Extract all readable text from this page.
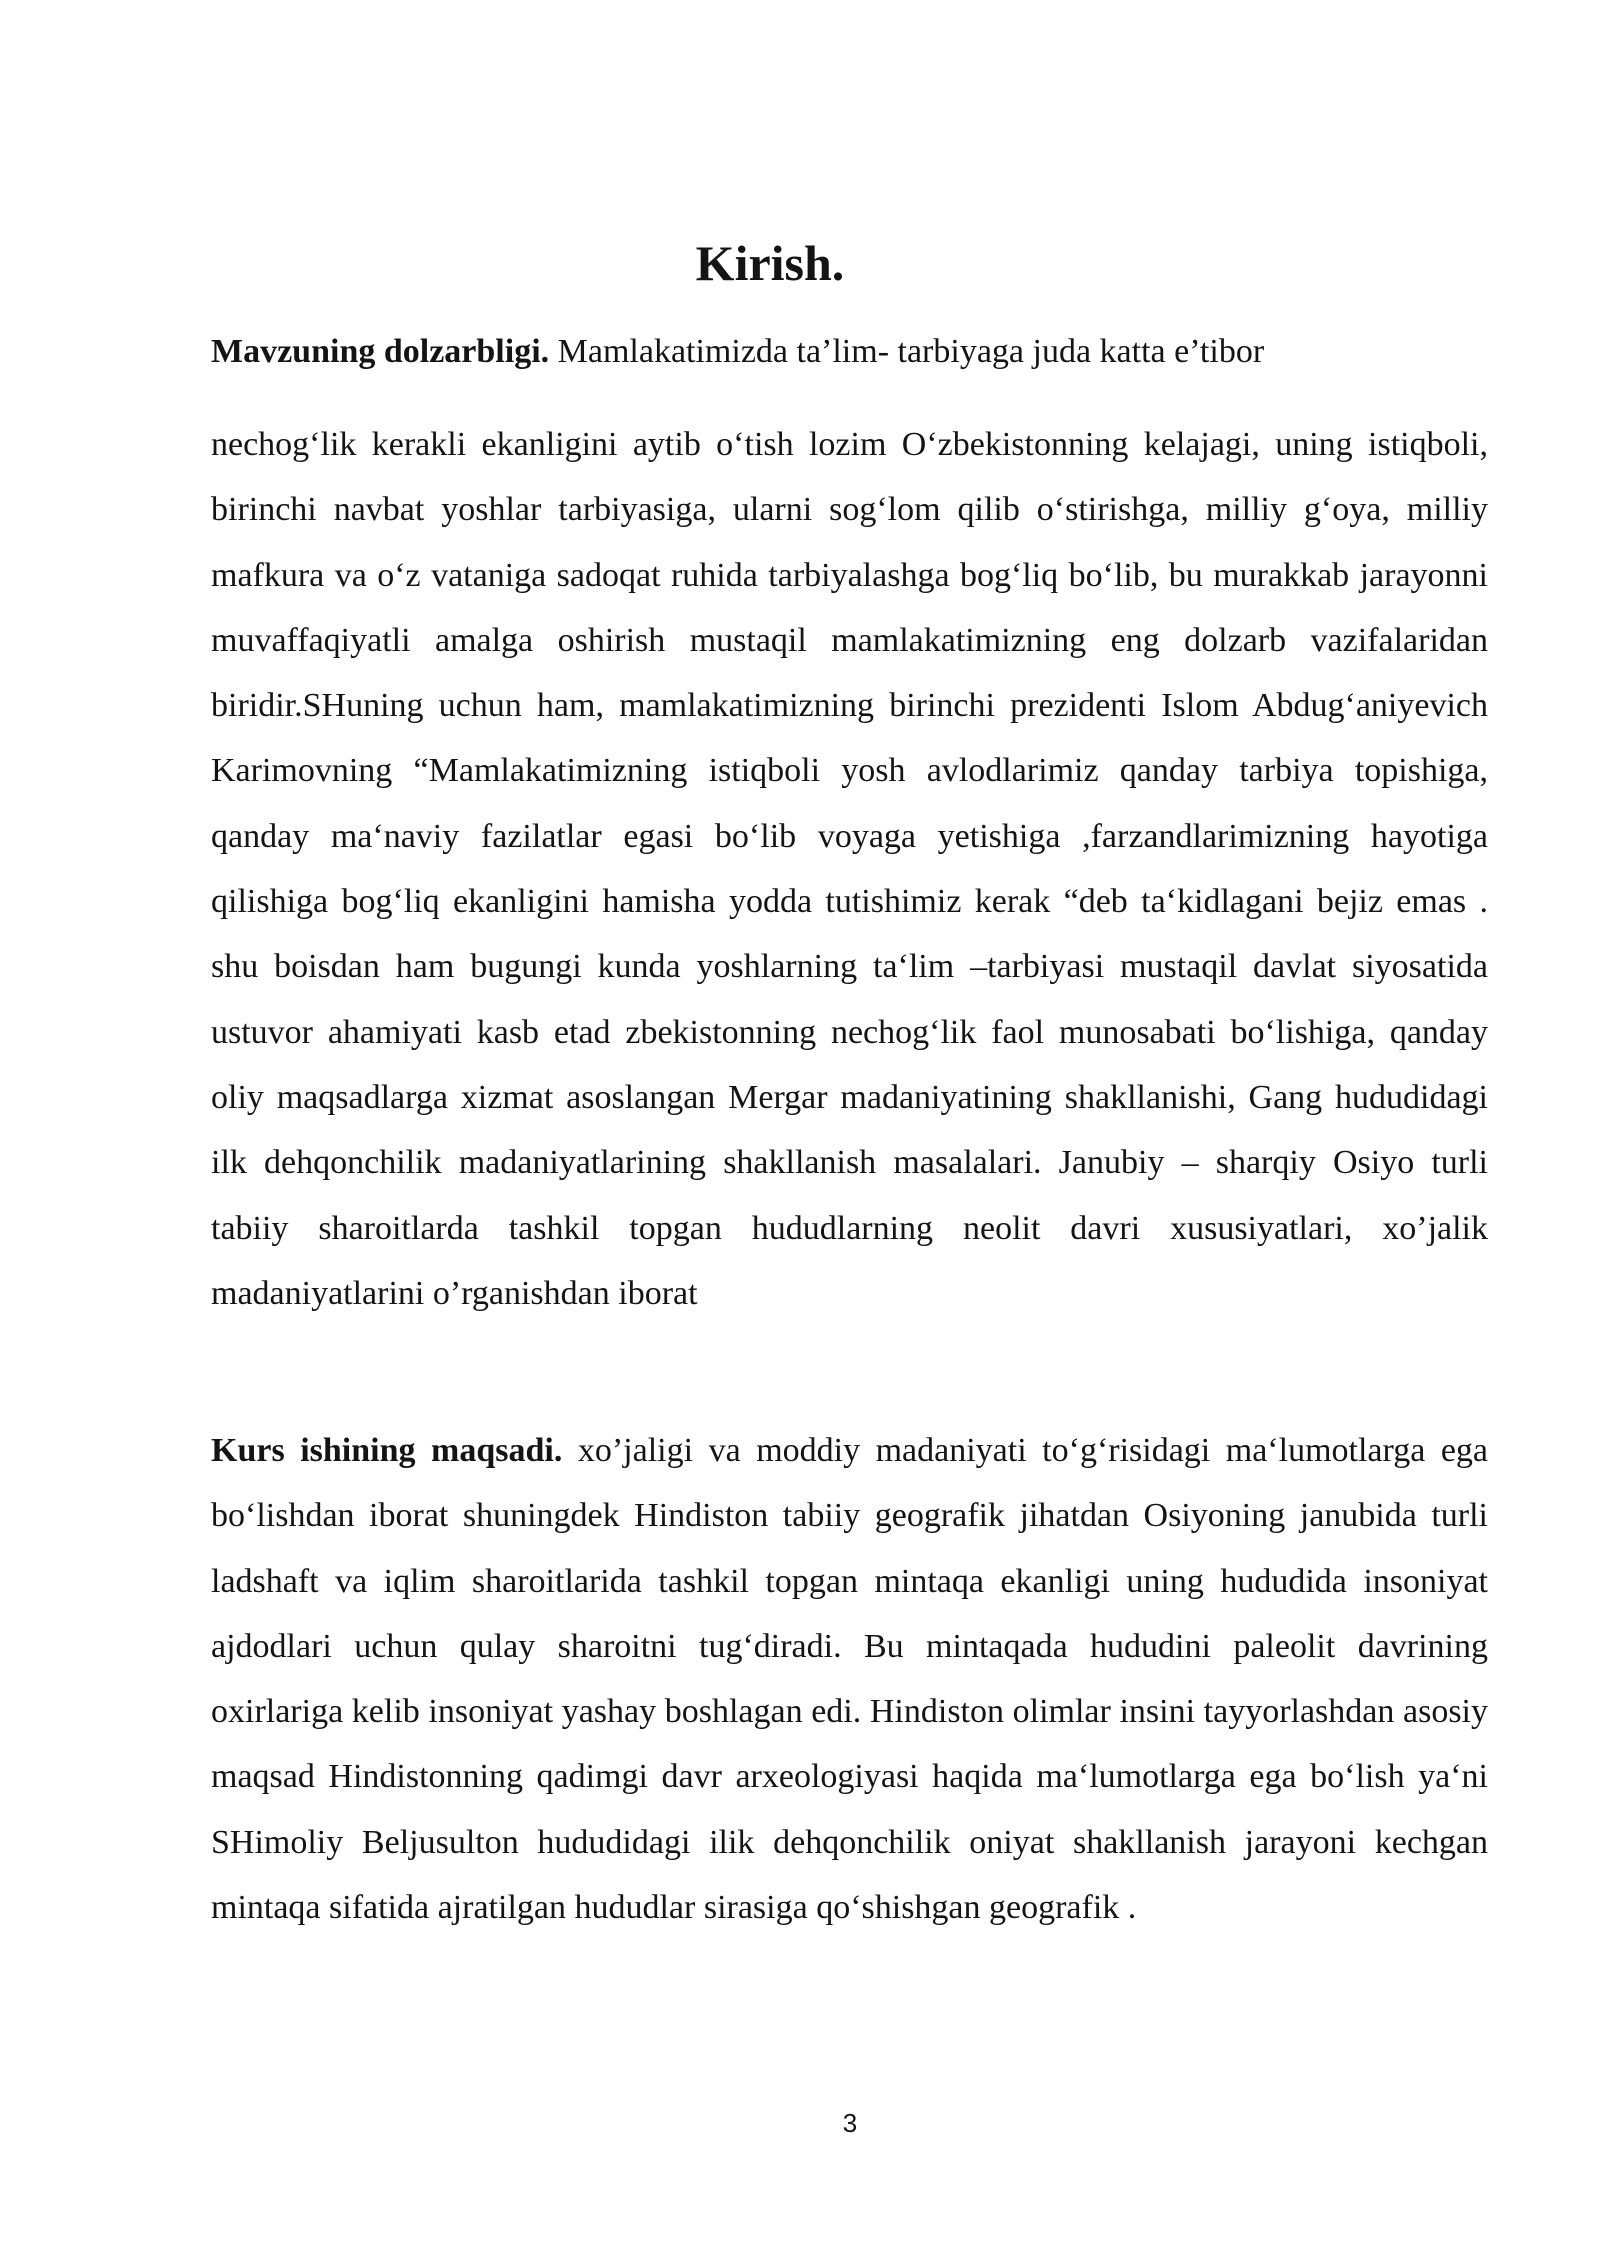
Kirish.

Mavzuning dolzarbligi. Mamlakatimizda ta’lim- tarbiyaga juda katta e’tibor

nechog‘lik kerakli ekanligini aytib o‘tish lozim O‘zbekistonning kelajagi, uning istiqboli, birinchi navbat yoshlar tarbiyasiga, ularni sog‘lom qilib o‘stirishga, milliy g‘oya, milliy mafkura va o‘z vataniga sadoqat ruhida tarbiyalashga bog‘liq bo‘lib, bu murakkab jarayonni muvaffaqiyatli amalga oshirish mustaqil mamlakatimizning eng dolzarb vazifalaridan biridir.SHuning uchun ham, mamlakatimizning birinchi prezidenti Islom Abdug‘aniyevich Karimovning “Mamlakatimizning istiqboli yosh avlodlarimiz qanday tarbiya topishiga, qanday ma‘naviy fazilatlar egasi bo‘lib voyaga yetishiga ,farzandlarimizning hayotiga qilishiga bog‘liq ekanligini hamisha yodda tutishimiz kerak “deb ta‘kidlagani bejiz emas . shu boisdan ham bugungi kunda yoshlarning ta‘lim –tarbiyasi mustaqil davlat siyosatida ustuvor ahamiyati kasb etad zbekistonning nechog‘lik faol munosabati bo‘lishiga, qanday oliy maqsadlarga xizmat asoslangan Mergar madaniyatining shakllanishi, Gang hududidagi ilk dehqonchilik madaniyatlarining shakllanish masalalari. Janubiy – sharqiy Osiyo turli tabiiy sharoitlarda tashkil topgan hududlarning neolit davri xususiyatlari, xo’jalik madaniyatlarini o’rganishdan iborat

Kurs ishining maqsadi. xo’jaligi va moddiy madaniyati to‘g‘risidagi ma‘lumotlarga ega bo‘lishdan iborat shuningdek Hindiston tabiiy geografik jihatdan Osiyoning janubida turli ladshaft va iqlim sharoitlarida tashkil topgan mintaqa ekanligi uning hududida insoniyat ajdodlari uchun qulay sharoitni tug‘diradi. Bu mintaqada hududini paleolit davrining oxirlariga kelib insoniyat yashay boshlagan edi. Hindiston olimlar insini tayyorlashdan asosiy maqsad Hindistonning qadimgi davr arxeologiyasi haqida ma‘lumotlarga ega bo‘lish ya‘ni SHimoliy Beljusulton hududidagi ilik dehqonchilik oniyat shakllanish jarayoni kechgan mintaqa sifatida ajratilgan hududlar sirasiga qo‘shishgan geografik .

3
